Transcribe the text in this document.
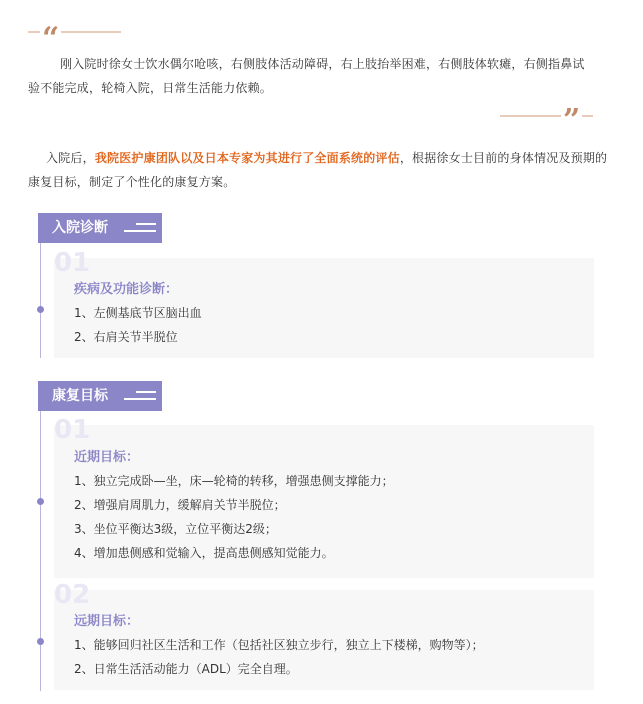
“

刚入院时徐女士饮水偶尔呛咳，右侧肢体活动障碍，右上肢抬举困难，右侧肢体软瘫，右侧指鼻试验不能完成，轮椅入院，日常生活能力依赖。

”

入院后，我院医护康团队以及日本专家为其进行了全面系统的评估，根据徐女士目前的身体情况及预期的康复目标，制定了个性化的康复方案。

入院诊断
01
疾病及功能诊断：
1、左侧基底节区脑出血
2、右肩关节半脱位
康复目标
01
近期目标：
1、独立完成卧—坐，床—轮椅的转移，增强患侧支撑能力；
2、增强肩周肌力，缓解肩关节半脱位；
3、坐位平衡达3级，立位平衡达2级；
4、增加患侧感和觉输入，提高患侧感知觉能力。
02
远期目标：
1、能够回归社区生活和工作（包括社区独立步行，独立上下楼梯，购物等）；
2、日常生活活动能力（ADL）完全自理。
